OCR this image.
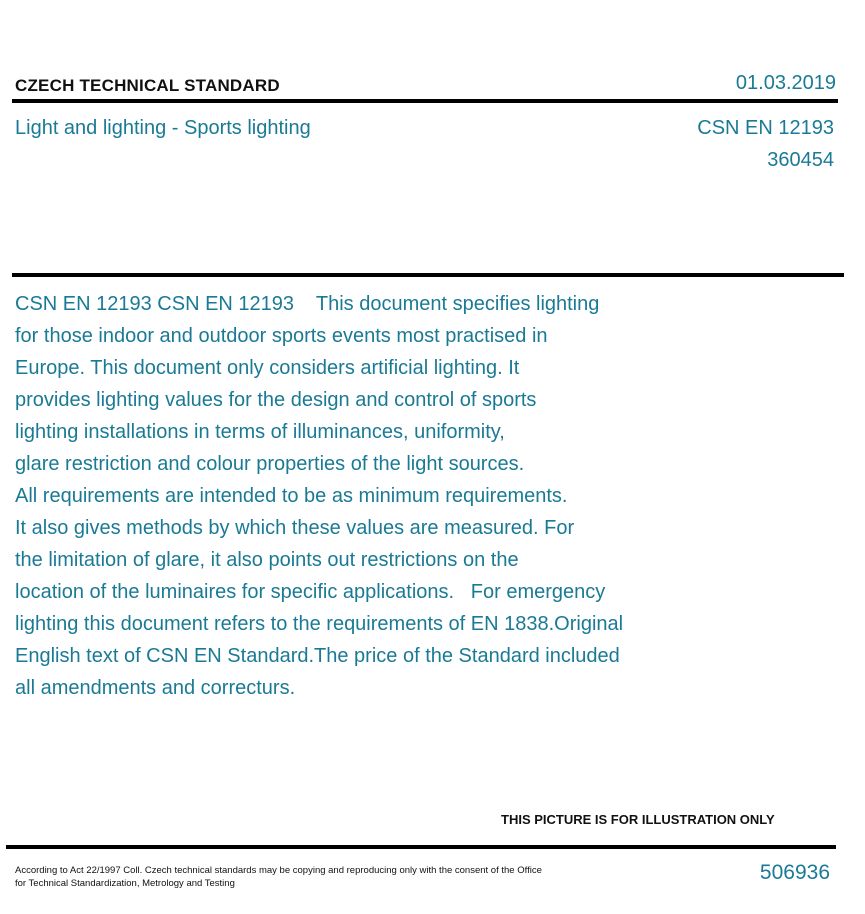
CZECH TECHNICAL STANDARD	01.03.2019
Light and lighting - Sports lighting	CSN EN 12193
360454
CSN EN 12193 CSN EN 12193    This document specifies lighting
for those indoor and outdoor sports events most practised in
Europe. This document only considers artificial lighting. It
provides lighting values for the design and control of sports
lighting installations in terms of illuminances, uniformity,
glare restriction and colour properties of the light sources.
All requirements are intended to be as minimum requirements.
It also gives methods by which these values are measured. For
the limitation of glare, it also points out restrictions on the
location of the luminaires for specific applications.   For emergency
lighting this document refers to the requirements of EN 1838.Original
English text of CSN EN Standard.The price of the Standard included
all amendments and correcturs.
THIS PICTURE IS FOR ILLUSTRATION ONLY
According to Act 22/1997 Coll. Czech technical standards may be copying and reproducing only with the consent of the Office
for Technical Standardization, Metrology and Testing	506936
